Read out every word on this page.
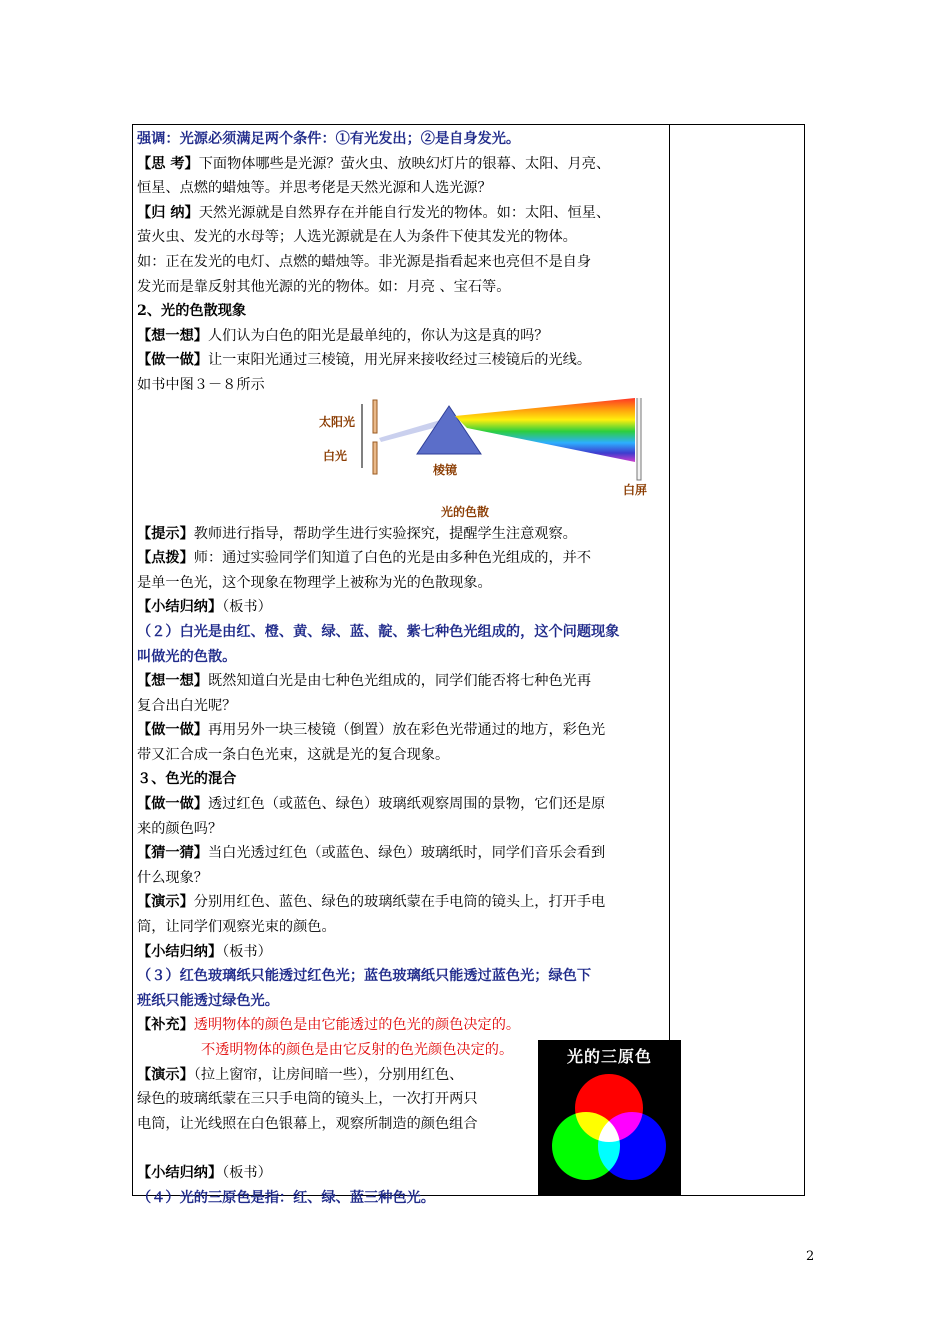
强调：光源必须满足两个条件：①有光发出；②是自身发光。
【思 考】下面物体哪些是光源？萤火虫、放映幻灯片的银幕、太阳、月亮、
恒星、点燃的蜡烛等。并思考佬是天然光源和人选光源？
【归 纳】天然光源就是自然界存在并能自行发光的物体。如：太阳、恒星、
萤火虫、发光的水母等；人选光源就是在人为条件下使其发光的物体。
如：正在发光的电灯、点燃的蜡烛等。非光源是指看起来也亮但不是自身
发光而是靠反射其他光源的光的物体。如：月亮 、宝石等。
2、光的色散现象
【想一想】人们认为白色的阳光是最单纯的，你认为这是真的吗？
【做一做】让一束阳光通过三棱镜，用光屏来接收经过三棱镜后的光线。
如书中图３－８所示
太阳光
白光
棱镜
白屏
光的色散
【提示】教师进行指导，帮助学生进行实验探究，提醒学生注意观察。
【点拨】师：通过实验同学们知道了白色的光是由多种色光组成的，并不
是单一色光，这个现象在物理学上被称为光的色散现象。
【小结归纳】（板书）
（２）白光是由红、橙、黄、绿、蓝、靛、紫七种色光组成的，这个问题现象
叫做光的色散。
【想一想】既然知道白光是由七种色光组成的，同学们能否将七种色光再
复合出白光呢？
【做一做】再用另外一块三棱镜（倒置）放在彩色光带通过的地方，彩色光
带又汇合成一条白色光束，这就是光的复合现象。
３、色光的混合
【做一做】透过红色（或蓝色、绿色）玻璃纸观察周围的景物，它们还是原
来的颜色吗？
【猜一猜】当白光透过红色（或蓝色、绿色）玻璃纸时，同学们音乐会看到
什么现象？
【演示】分别用红色、蓝色、绿色的玻璃纸蒙在手电筒的镜头上，打开手电
筒，让同学们观察光束的颜色。
【小结归纳】（板书）
（３）红色玻璃纸只能透过红色光；蓝色玻璃纸只能透过蓝色光；绿色下
班纸只能透过绿色光。
【补充】透明物体的颜色是由它能透过的色光的颜色决定的。
不透明物体的颜色是由它反射的色光颜色决定的。
【演示】（拉上窗帘，让房间暗一些），分别用红色、
绿色的玻璃纸蒙在三只手电筒的镜头上，一次打开两只
电筒，让光线照在白色银幕上，观察所制造的颜色组合
【小结归纳】（板书）
（４）光的三原色是指：红、绿、蓝三种色光。
光的三原色
2
